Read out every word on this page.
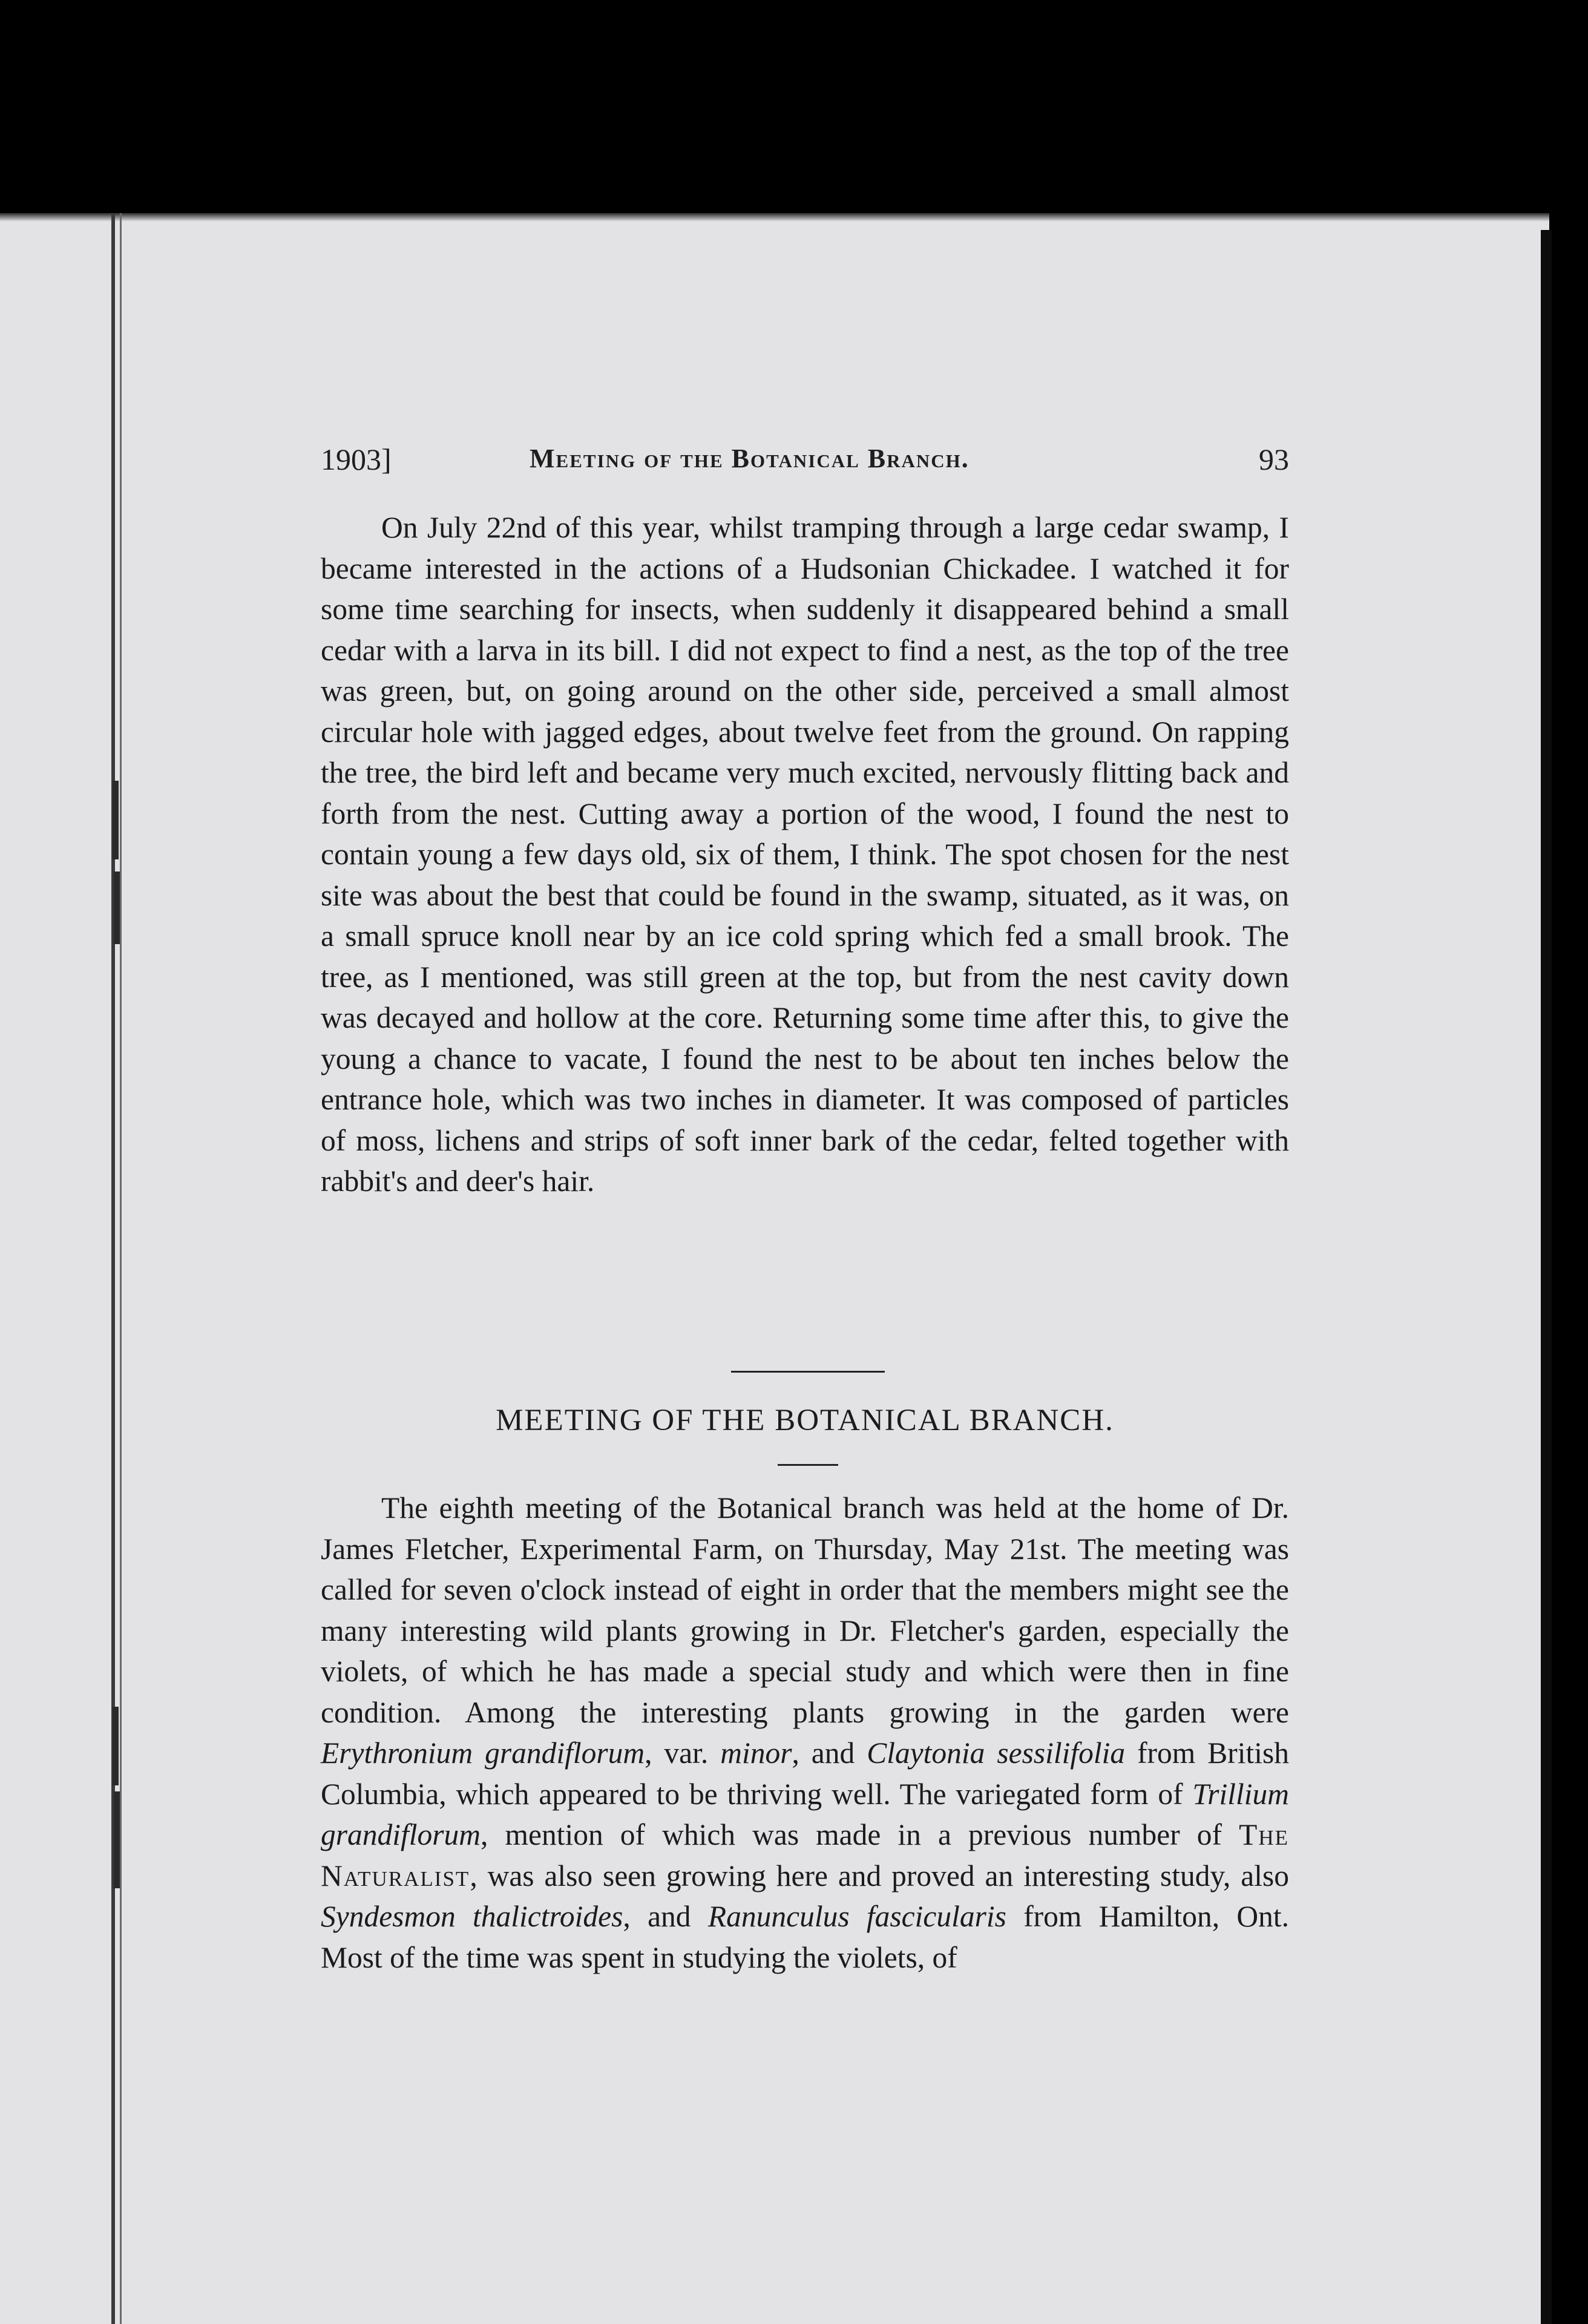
1903]	Meeting of the Botanical Branch.	93

On July 22nd of this year, whilst tramping through a large cedar swamp, I became interested in the actions of a Hudsonian Chickadee. I watched it for some time searching for insects, when suddenly it disappeared behind a small cedar with a larva in its bill. I did not expect to find a nest, as the top of the tree was green, but, on going around on the other side, perceived a small almost circular hole with jagged edges, about twelve feet from the ground. On rapping the tree, the bird left and became very much excited, nervously flitting back and forth from the nest. Cutting away a portion of the wood, I found the nest to contain young a few days old, six of them, I think. The spot chosen for the nest site was about the best that could be found in the swamp, situated, as it was, on a small spruce knoll near by an ice cold spring which fed a small brook. The tree, as I mentioned, was still green at the top, but from the nest cavity down was decayed and hollow at the core. Returning some time after this, to give the young a chance to vacate, I found the nest to be about ten inches below the entrance hole, which was two inches in diameter. It was composed of particles of moss, lichens and strips of soft inner bark of the cedar, felted together with rabbit's and deer's hair.

MEETING OF THE BOTANICAL BRANCH.

The eighth meeting of the Botanical branch was held at the home of Dr. James Fletcher, Experimental Farm, on Thursday, May 21st. The meeting was called for seven o'clock instead of eight in order that the members might see the many interesting wild plants growing in Dr. Fletcher's garden, especially the violets, of which he has made a special study and which were then in fine condition. Among the interesting plants growing in the garden were Erythronium grandiflorum, var. minor, and Claytonia sessilifolia from British Columbia, which appeared to be thriving well. The variegated form of Trillium grandiflorum, mention of which was made in a previous number of The Naturalist, was also seen growing here and proved an interesting study, also Syndesmon thalictroides, and Ranunculus fascicularis from Hamilton, Ont. Most of the time was spent in studying the violets, of
